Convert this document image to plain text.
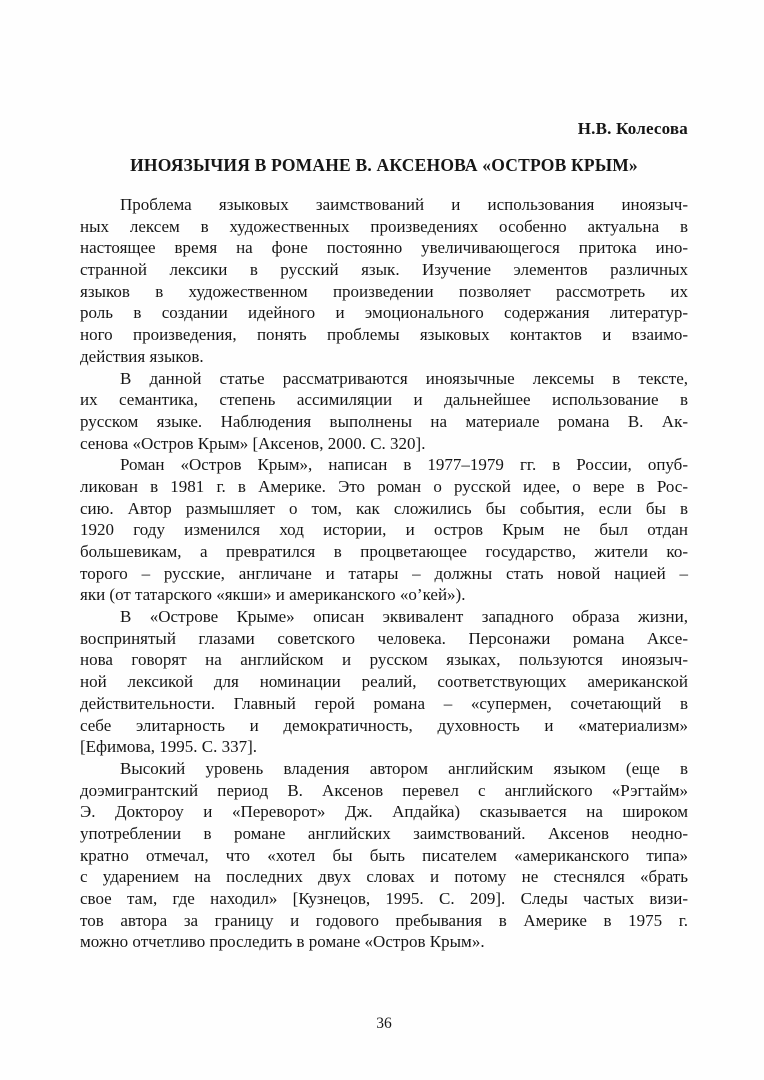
Н.В. Колесова
ИНОЯЗЫЧИЯ В РОМАНЕ В. АКСЕНОВА «ОСТРОВ КРЫМ»
Проблема языковых заимствований и использования иноязыч-
ных лексем в художественных произведениях особенно актуальна в
настоящее время на фоне постоянно увеличивающегося притока ино-
странной лексики в русский язык. Изучение элементов различных
языков в художественном произведении позволяет рассмотреть их
роль в создании идейного и эмоционального содержания литератур-
ного произведения, понять проблемы языковых контактов и взаимо-
действия языков.
В данной статье рассматриваются иноязычные лексемы в тексте,
их семантика, степень ассимиляции и дальнейшее использование в
русском языке. Наблюдения выполнены на материале романа В. Ак-
сенова «Остров Крым» [Аксенов, 2000. С. 320].
Роман «Остров Крым», написан в 1977–1979 гг. в России, опуб-
ликован в 1981 г. в Америке. Это роман о русской идее, о вере в Рос-
сию. Автор размышляет о том, как сложились бы события, если бы в
1920 году изменился ход истории, и остров Крым не был отдан
большевикам, а превратился в процветающее государство, жители ко-
торого – русские, англичане и татары – должны стать новой нацией –
яки (от татарского «якши» и американского «о’кей»).
В «Острове Крыме» описан эквивалент западного образа жизни,
воспринятый глазами советского человека. Персонажи романа Аксе-
нова говорят на английском и русском языках, пользуются иноязыч-
ной лексикой для номинации реалий, соответствующих американской
действительности. Главный герой романа – «супермен, сочетающий в
себе элитарность и демократичность, духовность и «материализм»
[Ефимова, 1995. С. 337].
Высокий уровень владения автором английским языком (еще в
доэмигрантский период В. Аксенов перевел с английского «Рэгтайм»
Э. Доктороу и «Переворот» Дж. Апдайка) сказывается на широком
употреблении в романе английских заимствований. Аксенов неодно-
кратно отмечал, что «хотел бы быть писателем «американского типа»
с ударением на последних двух словах и потому не стеснялся «брать
свое там, где находил» [Кузнецов, 1995. С. 209]. Следы частых визи-
тов автора за границу и годового пребывания в Америке в 1975 г.
можно отчетливо проследить в романе «Остров Крым».
36
